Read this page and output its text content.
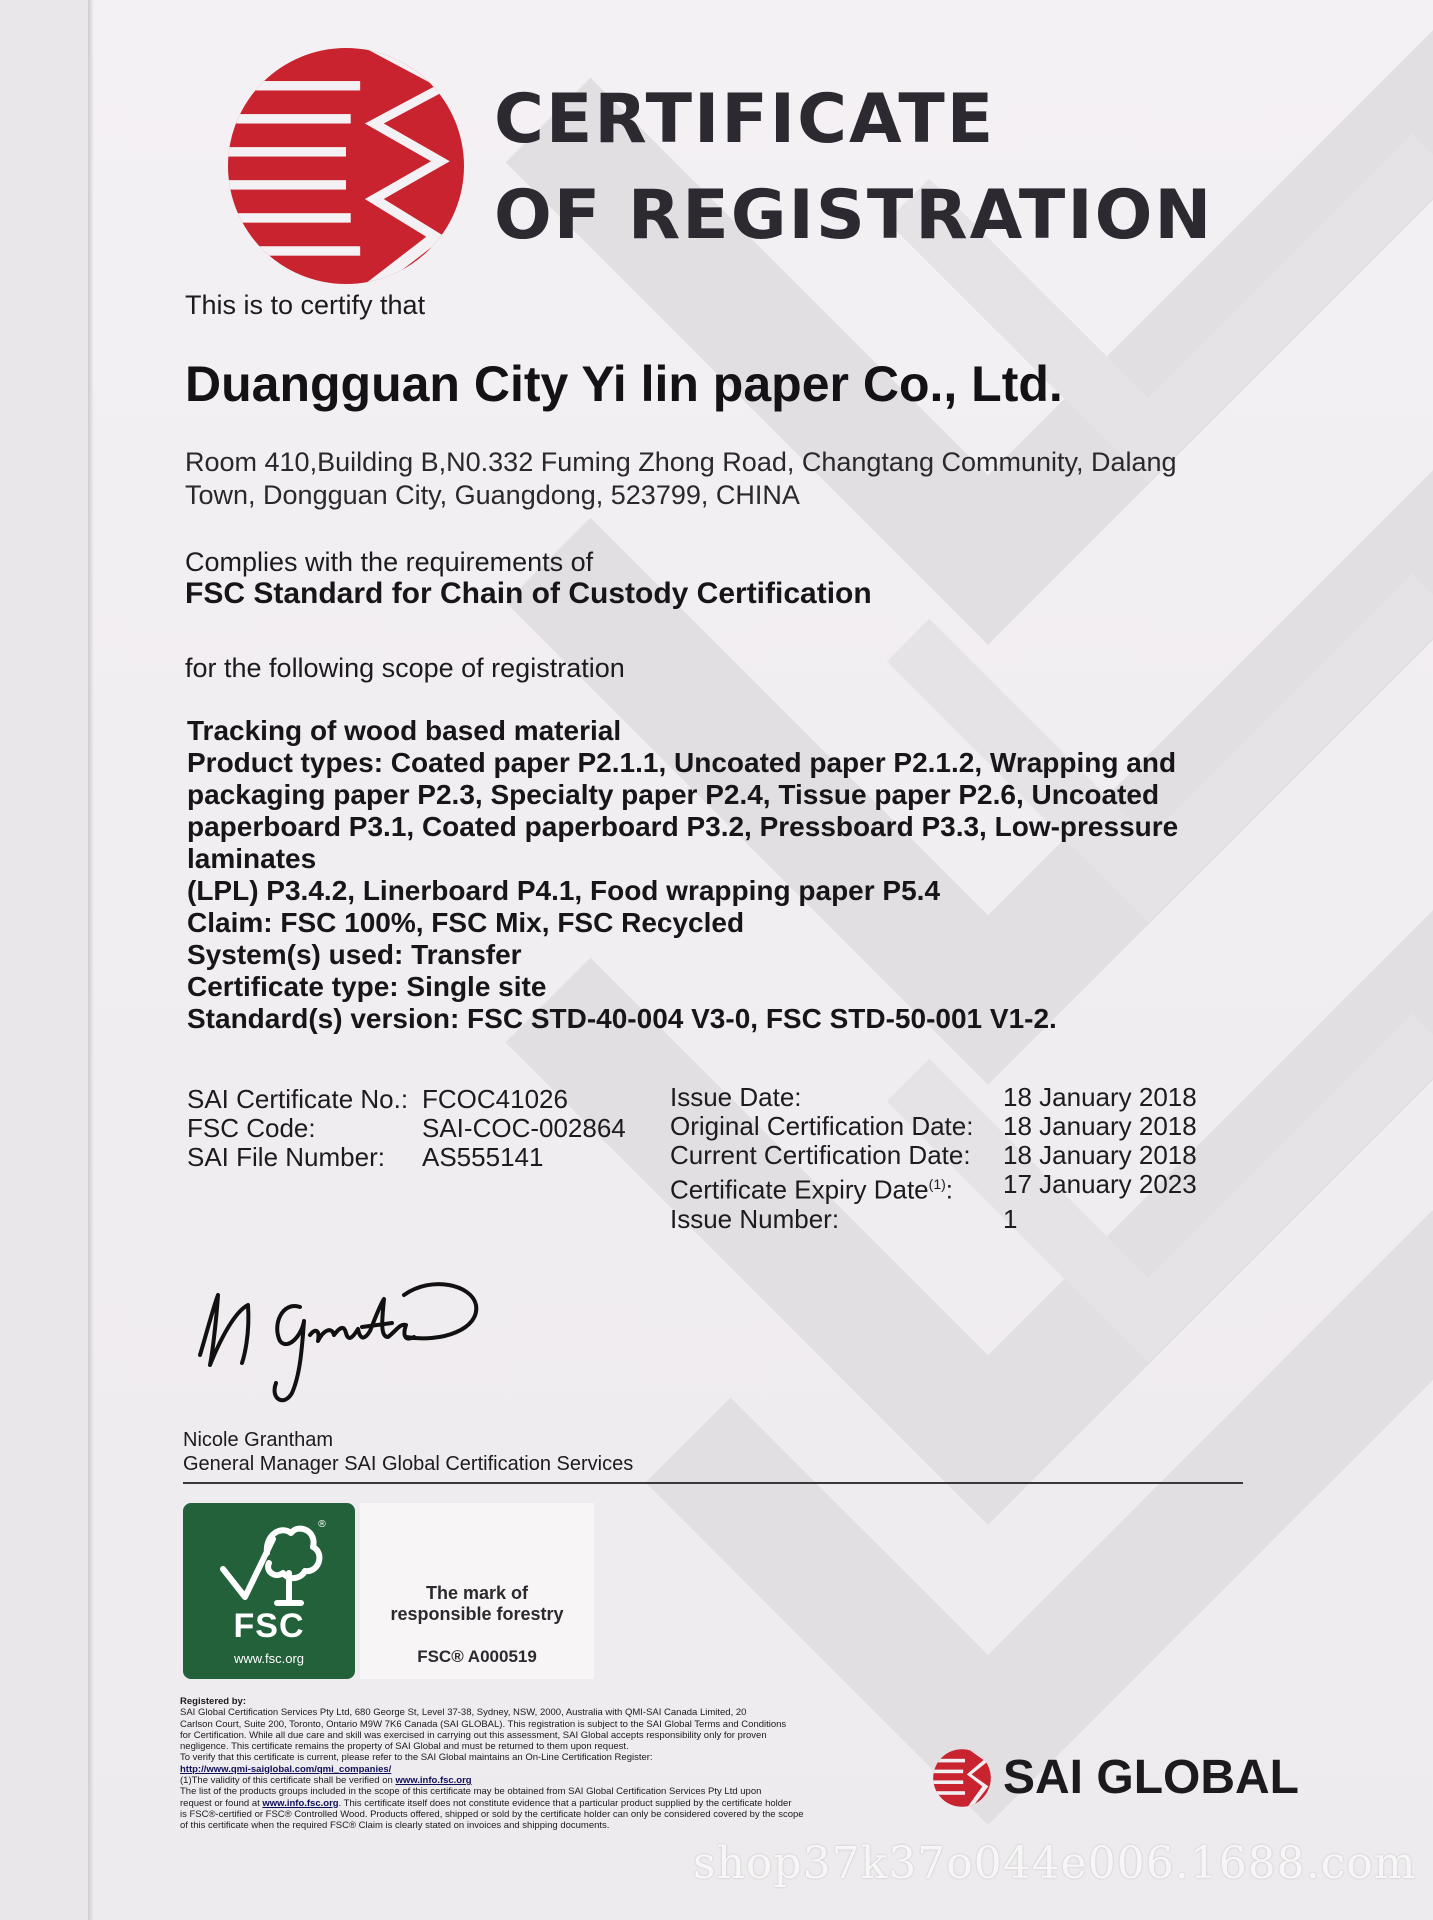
CERTIFICATE
OF REGISTRATION
This is to certify that
Duangguan City Yi lin paper Co., Ltd.
Room 410,Building B,N0.332 Fuming Zhong Road, Changtang Community, Dalang
Town, Dongguan City, Guangdong, 523799, CHINA
Complies with the requirements of
FSC Standard for Chain of Custody Certification
for the following scope of registration
Tracking of wood based material
Product types: Coated paper P2.1.1, Uncoated paper P2.1.2, Wrapping and packaging paper P2.3, Specialty paper P2.4, Tissue paper P2.6, Uncoated paperboard P3.1, Coated paperboard P3.2, Pressboard P3.3, Low-pressure laminates
(LPL) P3.4.2, Linerboard P4.1, Food wrapping paper P5.4
Claim: FSC 100%, FSC Mix, FSC Recycled
System(s) used: Transfer
Certificate type: Single site
Standard(s) version: FSC STD-40-004 V3-0, FSC STD-50-001 V1-2.
SAI Certificate No.: FCOC41026
FSC Code:	SAI-COC-002864
SAI File Number:	AS555141
Issue Date:	18 January 2018
Original Certification Date:	18 January 2018
Current Certification Date:	18 January 2018
Certificate Expiry Date$^{(1)}$:	17 January 2023
Issue Number:	1
Nicole Grantham
General Manager SAI Global Certification Services
®
FSC
www.fsc.org
The mark of
responsible forestry
FSC® A000519
Registered by:
SAI Global Certification Services Pty Ltd, 680 George St, Level 37-38, Sydney, NSW, 2000, Australia with QMI-SAI Canada Limited, 20
Carlson Court, Suite 200, Toronto, Ontario M9W 7K6 Canada (SAI GLOBAL). This registration is subject to the SAI Global Terms and Conditions
for Certification. While all due care and skill was exercised in carrying out this assessment, SAI Global accepts responsibility only for proven
negligence. This certificate remains the property of SAI Global and must be returned to them upon request.
To verify that this certificate is current, please refer to the SAI Global maintains an On-Line Certification Register:
http://www.qmi-saiglobal.com/qmi_companies/
(1)The validity of this certificate shall be verified on www.info.fsc.org
The list of the products groups included in the scope of this certificate may be obtained from SAI Global Certification Services Pty Ltd upon
request or found at www.info.fsc.org. This certificate itself does not constitute evidence that a particular product supplied by the certificate holder
is FSC®-certified or FSC® Controlled Wood. Products offered, shipped or sold by the certificate holder can only be considered covered by the scope
of this certificate when the required FSC® Claim is clearly stated on invoices and shipping documents.
SAI GLOBAL
shop37k37o044e006.1688.com
